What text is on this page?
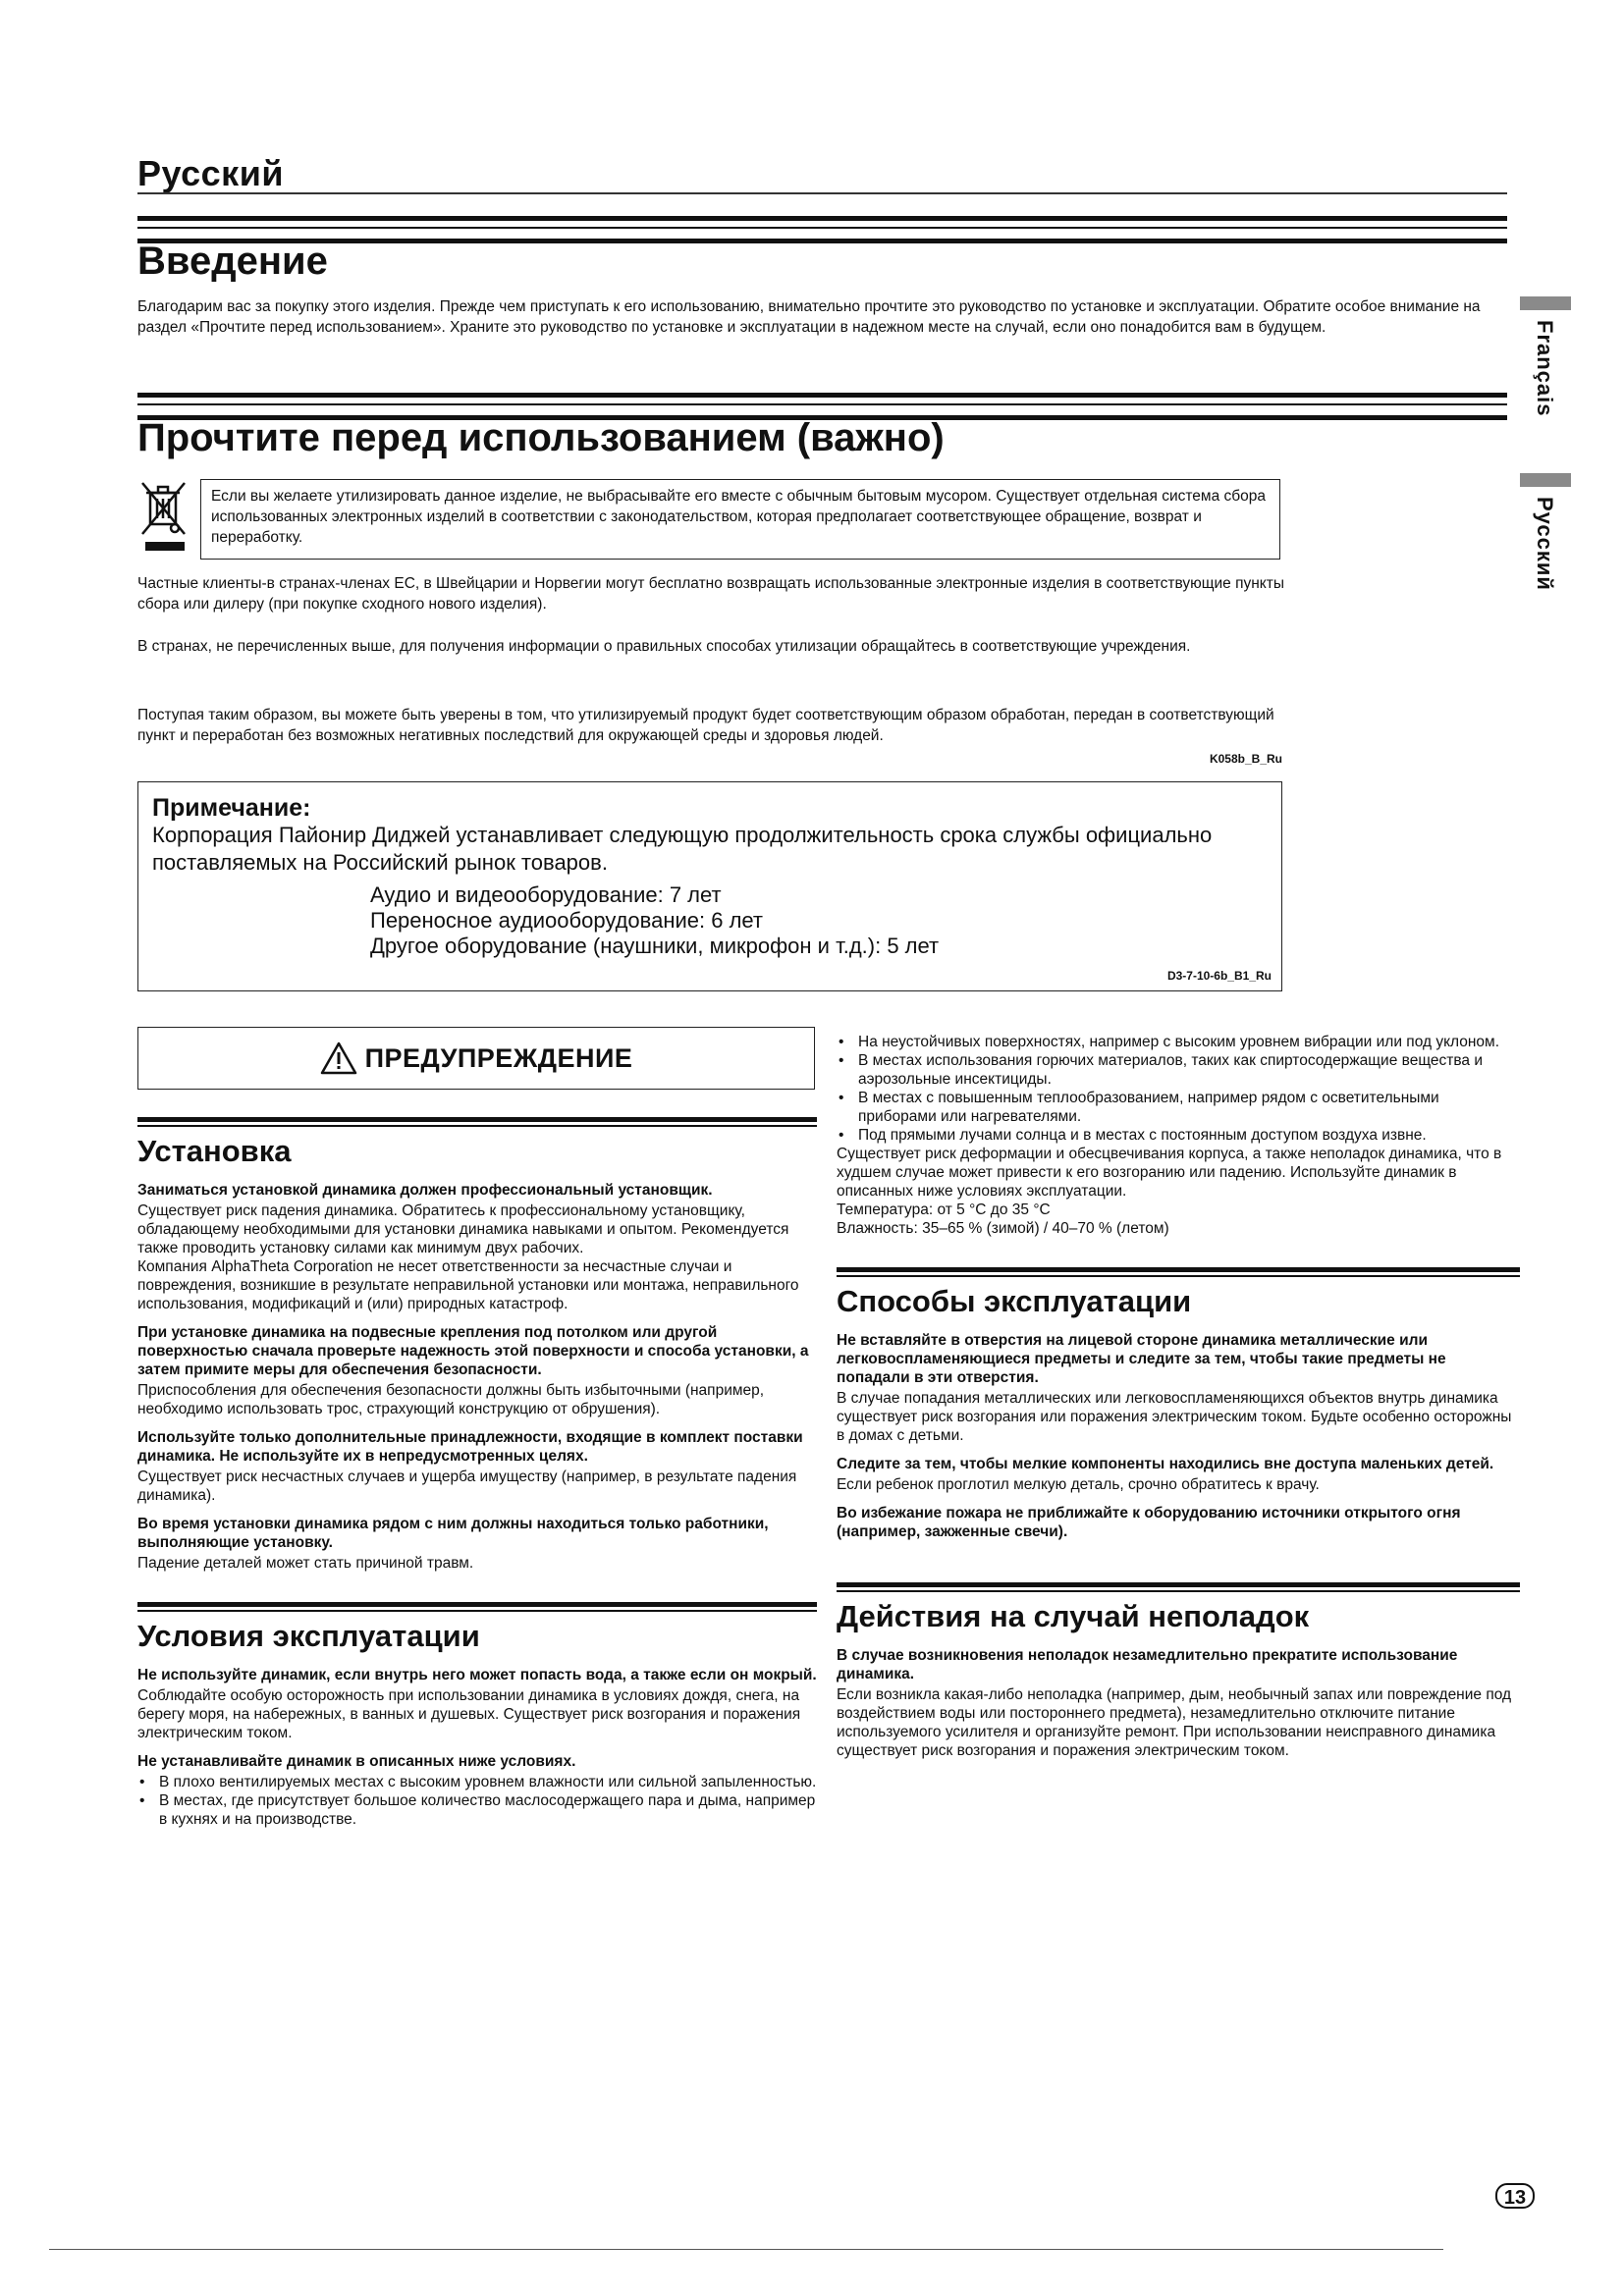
Русский
Français
Русский
Введение
Благодарим вас за покупку этого изделия. Прежде чем приступать к его использованию, внимательно прочтите это руководство по установке и эксплуатации. Обратите особое внимание на раздел «Прочтите перед использованием». Храните это руководство по установке и эксплуатации в надежном месте на случай, если оно понадобится вам в будущем.
Прочтите перед использованием (важно)
Если вы желаете утилизировать данное изделие, не выбрасывайте его вместе с обычным бытовым мусором. Существует отдельная система сбора использованных электронных изделий в соответствии с законодательством, которая предполагает соответствующее обращение, возврат и переработку.
Частные клиенты-в странах-членах ЕС, в Швейцарии и Норвегии могут бесплатно возвращать использованные электронные изделия в соответствующие пункты сбора или дилеру (при покупке сходного нового изделия).
В странах, не перечисленных выше, для получения информации о правильных способах утилизации обращайтесь в соответствующие учреждения.
Поступая таким образом, вы можете быть уверены в том, что утилизируемый продукт будет соответствующим образом обработан, передан в соответствующий пункт и переработан без возможных негативных последствий для окружающей среды и здоровья людей.
K058b_B_Ru
Примечание:
Корпорация Пайонир Диджей устанавливает следующую продолжительность срока службы официально поставляемых на Российский рынок товаров.
Аудио и видеооборудование: 7 лет
Переносное аудиооборудование: 6 лет
Другое оборудование (наушники, микрофон и т.д.): 5 лет
D3-7-10-6b_B1_Ru
ПРЕДУПРЕЖДЕНИЕ
Установка

Заниматься установкой динамика должен профессиональный установщик.

Существует риск падения динамика. Обратитесь к профессиональному установщику, обладающему необходимыми для установки динамика навыками и опытом. Рекомендуется также проводить установку силами как минимум двух рабочих.

Компания AlphaTheta Corporation не несет ответственности за несчастные случаи и повреждения, возникшие в результате неправильной установки или монтажа, неправильного использования, модификаций и (или) природных катастроф.

При установке динамика на подвесные крепления под потолком или другой поверхностью сначала проверьте надежность этой поверхности и способа установки, а затем примите меры для обеспечения безопасности.

Приспособления для обеспечения безопасности должны быть избыточными (например, необходимо использовать трос, страхующий конструкцию от обрушения).

Используйте только дополнительные принадлежности, входящие в комплект поставки динамика. Не используйте их в непредусмотренных целях.

Существует риск несчастных случаев и ущерба имуществу (например, в результате падения динамика).

Во время установки динамика рядом с ним должны находиться только работники, выполняющие установку.

Падение деталей может стать причиной травм.

Условия эксплуатации

Не используйте динамик, если внутрь него может попасть вода, а также если он мокрый.

Соблюдайте особую осторожность при использовании динамика в условиях дождя, снега, на берегу моря, на набережных, в ванных и душевых. Существует риск возгорания и поражения электрическим током.

Не устанавливайте динамик в описанных ниже условиях.

• В плохо вентилируемых местах с высоким уровнем влажности или сильной запыленностью.
• В местах, где присутствует большое количество маслосодержащего пара и дыма, например в кухнях и на производстве.
• На неустойчивых поверхностях, например с высоким уровнем вибрации или под уклоном.
• В местах использования горючих материалов, таких как спиртосодержащие вещества и аэрозольные инсектициды.
• В местах с повышенным теплообразованием, например рядом с осветительными приборами или нагревателями.
• Под прямыми лучами солнца и в местах с постоянным доступом воздуха извне.

Существует риск деформации и обесцвечивания корпуса, а также неполадок динамика, что в худшем случае может привести к его возгоранию или падению. Используйте динамик в описанных ниже условиях эксплуатации.

Температура: от 5 °C до 35 °C

Влажность: 35–65 % (зимой) / 40–70 % (летом)

Способы эксплуатации

Не вставляйте в отверстия на лицевой стороне динамика металлические или легковоспламеняющиеся предметы и следите за тем, чтобы такие предметы не попадали в эти отверстия.

В случае попадания металлических или легковоспламеняющихся объектов внутрь динамика существует риск возгорания или поражения электрическим током. Будьте особенно осторожны в домах с детьми.

Следите за тем, чтобы мелкие компоненты находились вне доступа маленьких детей.

Если ребенок проглотил мелкую деталь, срочно обратитесь к врачу.

Во избежание пожара не приближайте к оборудованию источники открытого огня (например, зажженные свечи).

Действия на случай неполадок

В случае возникновения неполадок незамедлительно прекратите использование динамика.

Если возникла какая-либо неполадка (например, дым, необычный запах или повреждение под воздействием воды или постороннего предмета), незамедлительно отключите питание используемого усилителя и организуйте ремонт. При использовании неисправного динамика существует риск возгорания и поражения электрическим током.

13
